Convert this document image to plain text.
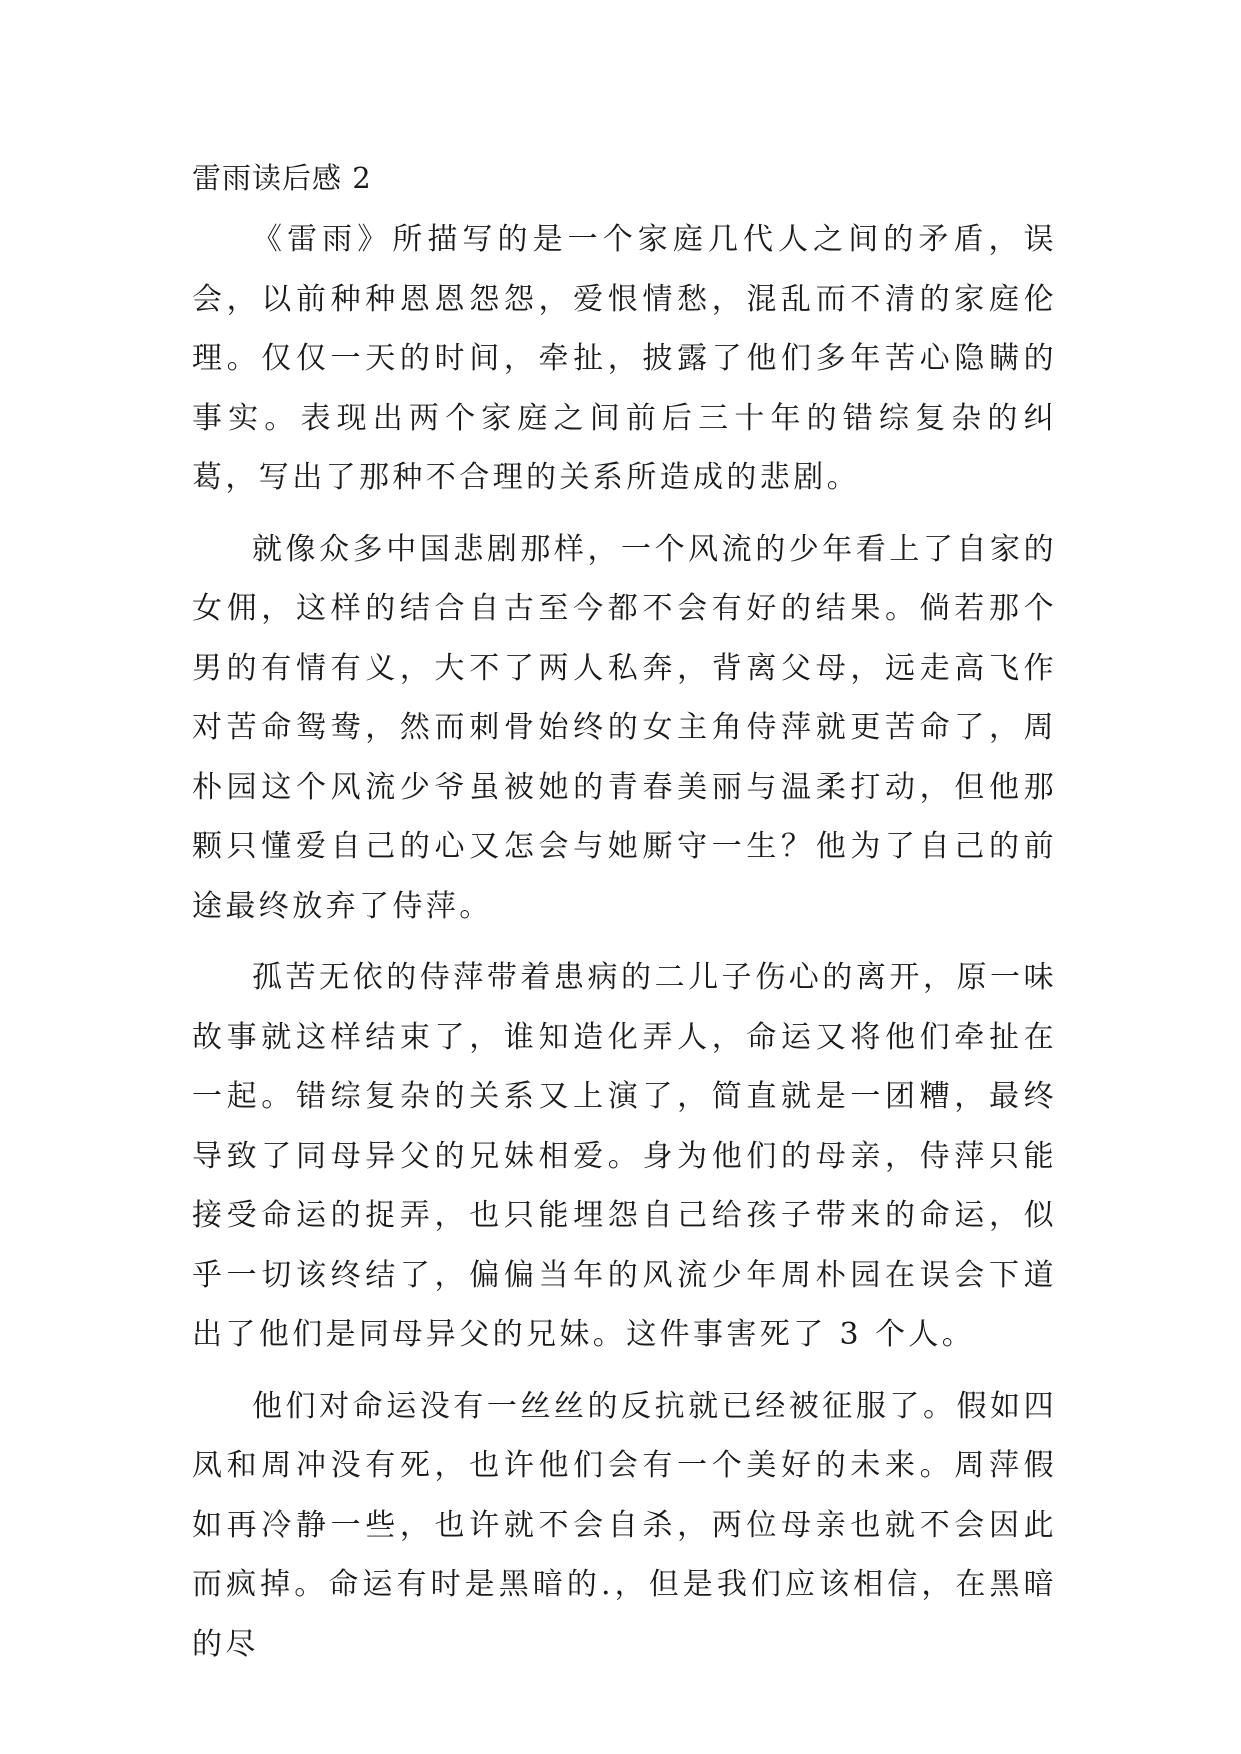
雷雨读后感 2

《雷雨》所描写的是一个家庭几代人之间的矛盾，误会，以前种种恩恩怨怨，爱恨情愁，混乱而不清的家庭伦理。仅仅一天的时间，牵扯，披露了他们多年苦心隐瞒的事实。表现出两个家庭之间前后三十年的错综复杂的纠葛，写出了那种不合理的关系所造成的悲剧。

就像众多中国悲剧那样，一个风流的少年看上了自家的女佣，这样的结合自古至今都不会有好的结果。倘若那个男的有情有义，大不了两人私奔，背离父母，远走高飞作对苦命鸳鸯，然而刺骨始终的女主角侍萍就更苦命了，周朴园这个风流少爷虽被她的青春美丽与温柔打动，但他那颗只懂爱自己的心又怎会与她厮守一生？他为了自己的前途最终放弃了侍萍。

孤苦无依的侍萍带着患病的二儿子伤心的离开，原一味故事就这样结束了，谁知造化弄人，命运又将他们牵扯在一起。错综复杂的关系又上演了，简直就是一团糟，最终导致了同母异父的兄妹相爱。身为他们的母亲，侍萍只能接受命运的捉弄，也只能埋怨自己给孩子带来的命运，似乎一切该终结了，偏偏当年的风流少年周朴园在误会下道出了他们是同母异父的兄妹。这件事害死了 3 个人。

他们对命运没有一丝丝的反抗就已经被征服了。假如四凤和周冲没有死，也许他们会有一个美好的未来。周萍假如再冷静一些，也许就不会自杀，两位母亲也就不会因此而疯掉。命运有时是黑暗的.，但是我们应该相信，在黑暗的尽
